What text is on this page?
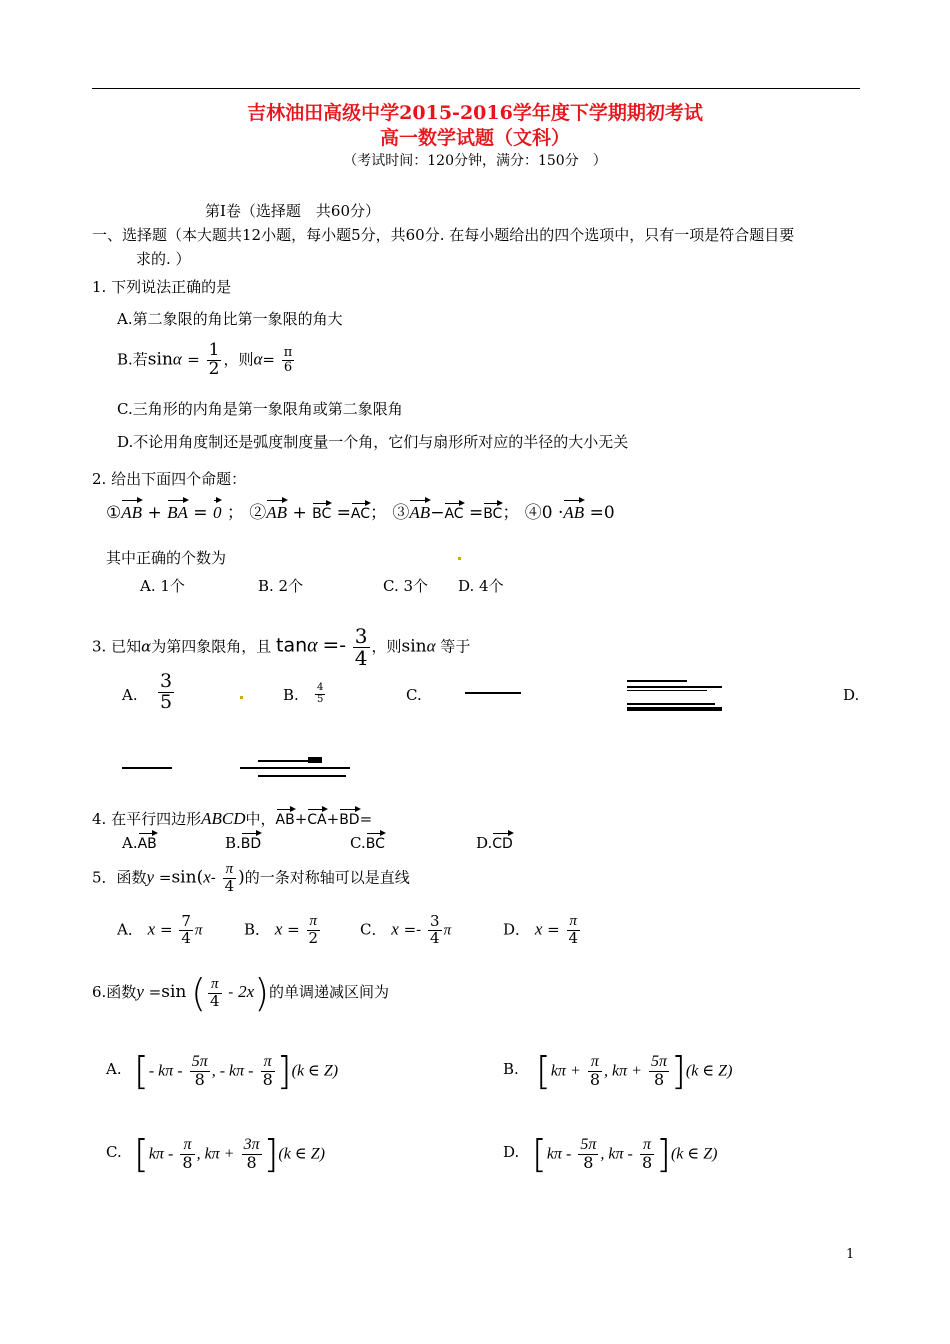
吉林油田高级中学2015-2016学年度下学期期初考试
高一数学试题（文科）
（考试时间：120分钟，满分：150分　）
第Ⅰ卷（选择题　共60分）
一、选择题（本大题共12小题，每小题5分，共60分. 在每小题给出的四个选项中，只有一项是符合题目要
求的. ）
1. 下列说法正确的是
A.第二象限的角比第一象限的角大
B.若$\sin\alpha = \frac{1}{2}$ ，则$\alpha= \frac{\pi}{6}$
C.三角形的内角是第一象限角或第二象限角
D.不论用角度制还是弧度制度量一个角，它们与扇形所对应的半径的大小无关
2. 给出下面四个命题：
①AB + BA = 0 ； ②AB + BC =AC； ③AB−AC =BC； ④0 ·AB =0
其中正确的个数为
A. 1个	B. 2个	C. 3个 D. 4个
3. 已知𝛼为第四象限角，且 $\tan\alpha =- \frac{3}{4}$ ，则sinα 等于
A. $\frac{3}{5}$	B. $\frac{4}{5}$	C.	D.
4. 在平行四边形ABCD中，AB+CA+BD=
A.AB	B.BD	C.BC	D.CD
5．函数$y =\sin(x- \frac{\pi}{4}$ )的一条对称轴可以是直线
A． $x = \frac{7}{4}$ π	B． $x = \frac{\pi}{2}$	C． $x =- \frac{3}{4}$ π	D． $x = \frac{\pi}{4}$
6.函数y =sin ( $\frac{\pi}{4} - 2x$)的单调递减区间为
A. [- kπ - $\frac{5\pi}{8}$ , - kπ - $\frac{\pi}{8} ](k$ ∈ Z)	B. [$k\pi + \frac{\pi}{8}$ , $k\pi + \frac{5\pi}{8} ](k$ ∈ Z)
C. [$k\pi - \frac{\pi}{8}$ , $k\pi + \frac{3\pi}{8} ](k$ ∈ Z)	D. [$k\pi - \frac{5\pi}{8}$ , kπ - $\frac{\pi}{8} ](k$ ∈ Z)
1
